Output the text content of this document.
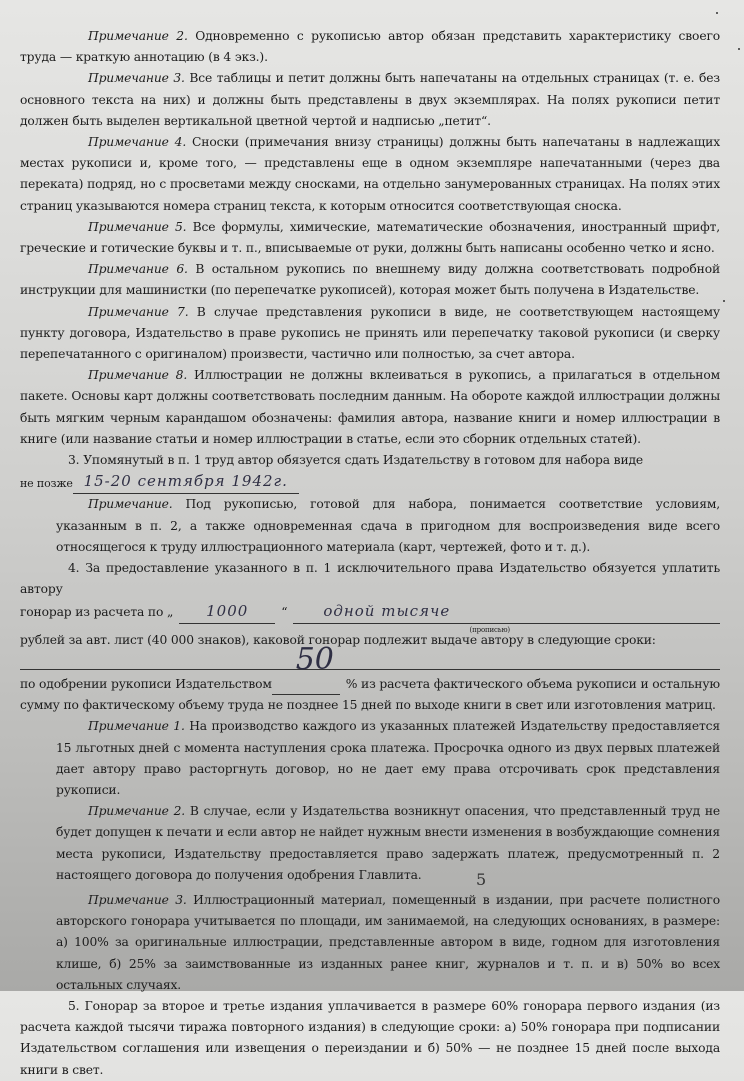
Примечание 2. Одновременно с рукописью автор обязан представить характеристику своего труда — краткую аннотацию (в 4 экз.).

Примечание 3. Все таблицы и петит должны быть напечатаны на отдельных страницах (т. е. без основного текста на них) и должны быть представлены в двух экземплярах. На полях рукописи петит должен быть выделен вертикальной цветной чертой и надписью „петит“.

Примечание 4. Сноски (примечания внизу страницы) должны быть напечатаны в надлежащих местах рукописи и, кроме того, — представлены еще в одном экземпляре напечатанными (через два переката) подряд, но с просветами между сносками, на отдельно занумерованных страницах. На полях этих страниц указываются номера страниц текста, к которым относится соответствующая сноска.

Примечание 5. Все формулы, химические, математические обозначения, иностранный шрифт, греческие и готические буквы и т. п., вписываемые от руки, должны быть написаны особенно четко и ясно.

Примечание 6. В остальном рукопись по внешнему виду должна соответствовать подробной инструкции для машинистки (по перепечатке рукописей), которая может быть получена в Издательстве.

Примечание 7. В случае представления рукописи в виде, не соответствующем настоящему пункту договора, Издательство в праве рукопись не принять или перепечатку таковой рукописи (и сверку перепечатанного с оригиналом) произвести, частично или полностью, за счет автора.

Примечание 8. Иллюстрации не должны вклеиваться в рукопись, а прилагаться в отдельном пакете. Основы карт должны соответствовать последним данным. На обороте каждой иллюстрации должны быть мягким черным карандашом обозначены: фамилия автора, название книги и номер иллюстрации в книге (или название статьи и номер иллюстрации в статье, если это сборник отдельных статей).

3. Упомянутый в п. 1 труд автор обязуется сдать Издательству в готовом для набора виде

не позже 15-20 сентября 1942г.

Примечание. Под рукописью, готовой для набора, понимается соответствие условиям, указанным в п. 2, а также одновременная сдача в пригодном для воспроизведения виде всего относящегося к труду иллюстрационного материала (карт, чертежей, фото и т. д.).

4. За предоставление указанного в п. 1 исключительного права Издательство обязуется уплатить автору

гонорар из расчета по „	1000	“	одной тысяче
(прописью)

рублей за авт. лист (40 000 знаков), каковой гонорар подлежит выдаче автору в следующие сроки:

по одобрении рукописи Издательством
50
% из расчета фактического объема рукописи и остальную

сумму по фактическому объему труда не позднее 15 дней по выходе книги в свет или изготовления матриц.

Примечание 1. На производство каждого из указанных платежей Издательству предоставляется 15 льготных дней с момента наступления срока платежа. Просрочка одного из двух первых платежей дает автору право расторгнуть договор, но не дает ему права отсрочивать срок представления рукописи.

Примечание 2. В случае, если у Издательства возникнут опасения, что представленный труд не будет допущен к печати и если автор не найдет нужным внести изменения в возбуждающие сомнения места рукописи, Издательству предоставляется право задержать платеж, предусмотренный п. 2 настоящего договора до получения одобрения Главлита.

Примечание 3. Иллюстрационный материал, помещенный в издании, при расчете полистного авторского гонорара учитывается по площади, им занимаемой, на следующих основаниях, в размере: а) 100% за оригинальные иллюстрации, представленные автором в виде, годном для изготовления клише, б) 25% за заимствованные из изданных ранее книг, журналов и т. п. и в) 50% во всех остальных случаях.

5. Гонорар за второе и третье издания уплачивается в размере 60% гонорара первого издания (из расчета каждой тысячи тиража повторного издания) в следующие сроки: а) 50% гонорара при подписании Издательством соглашения или извещения о переиздании и б) 50% — не позднее 15 дней после выхода книги в свет.

5
